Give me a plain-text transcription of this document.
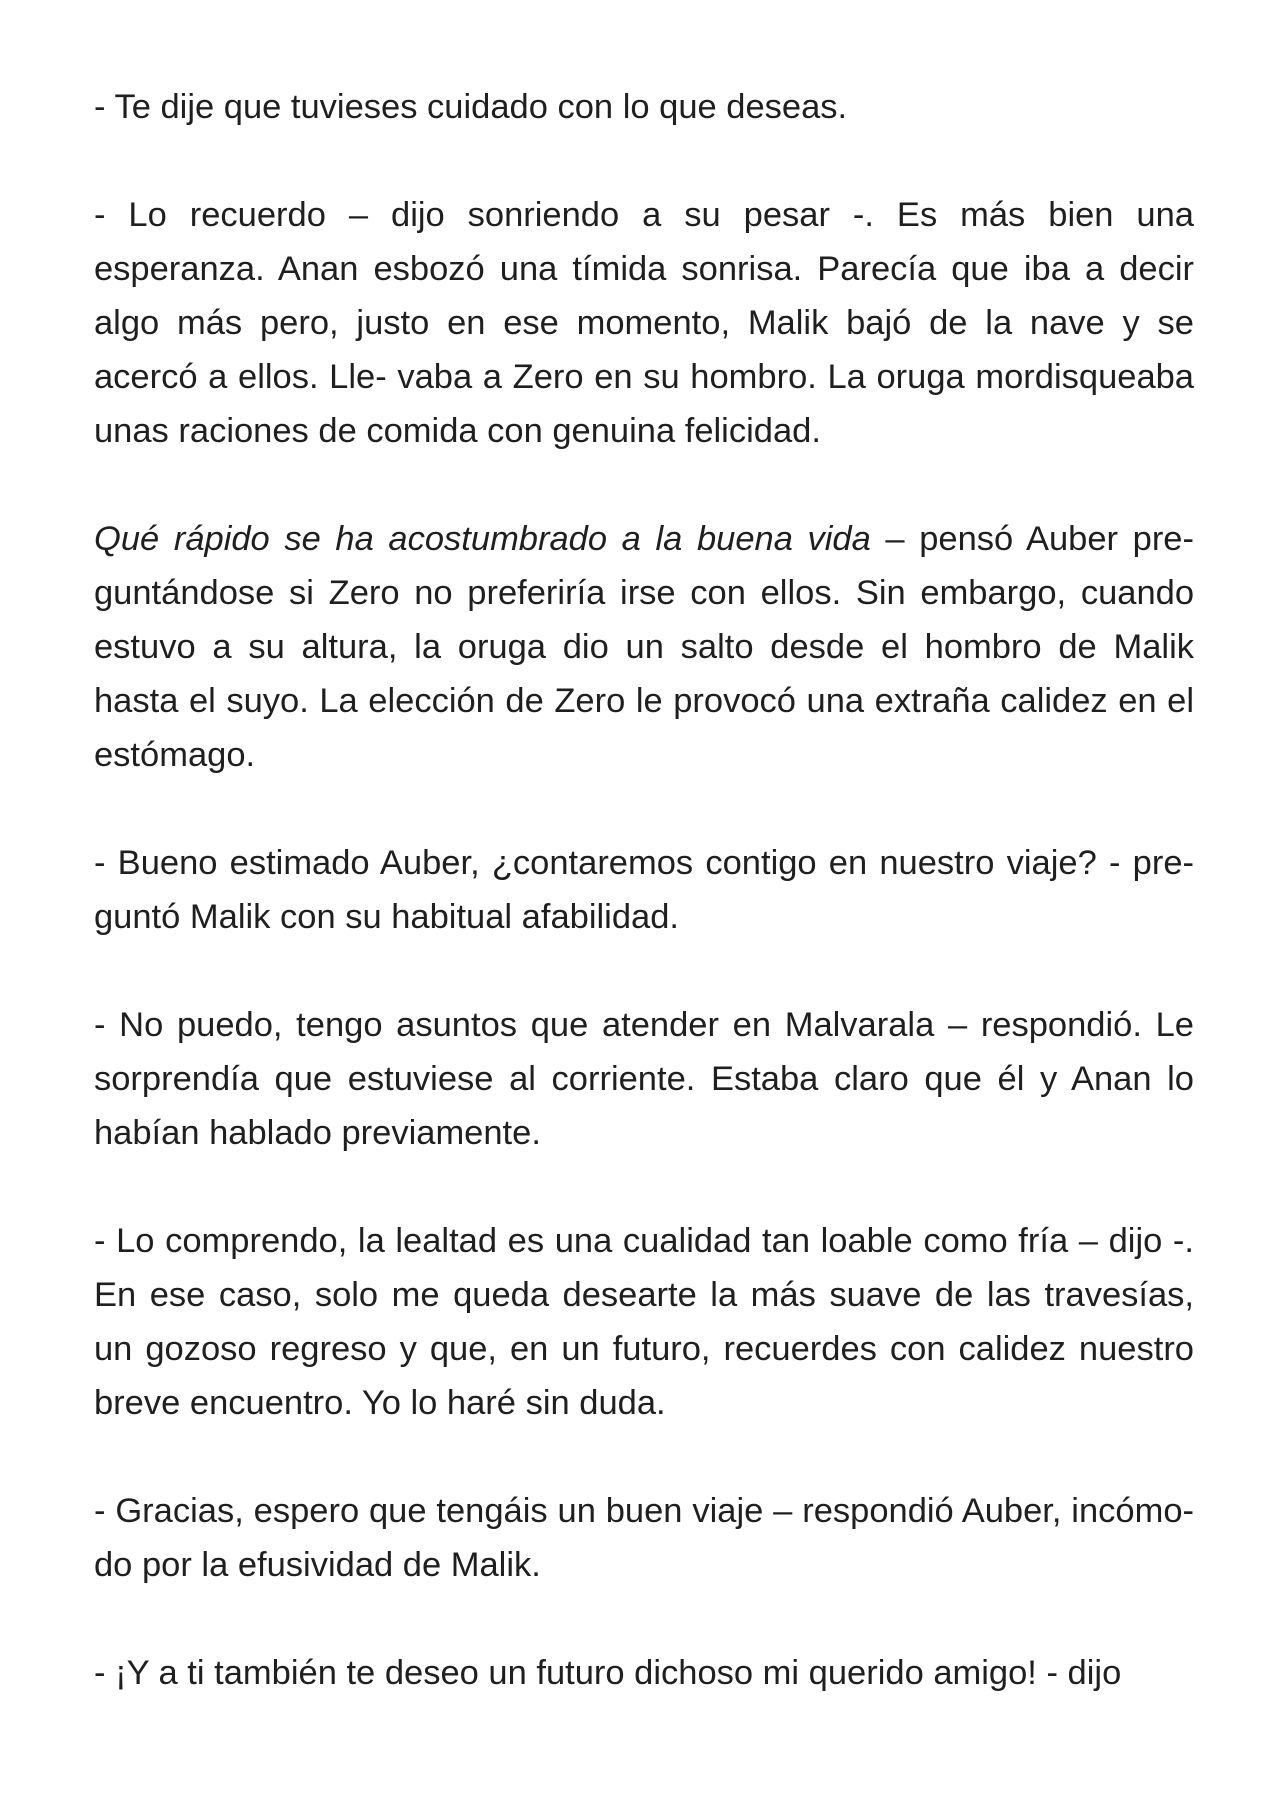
- Te dije que tuvieses cuidado con lo que deseas.

- Lo recuerdo – dijo sonriendo a su pesar -. Es más bien una esperanza. Anan esbozó una tímida sonrisa. Parecía que iba a decir algo más pero, justo en ese momento, Malik bajó de la nave y se acercó a ellos. Lle- vaba a Zero en su hombro. La oruga mordisqueaba unas raciones de comida con genuina felicidad.

Qué rápido se ha acostumbrado a la buena vida – pensó Auber pre- guntándose si Zero no preferiría irse con ellos. Sin embargo, cuando estuvo a su altura, la oruga dio un salto desde el hombro de Malik hasta el suyo. La elección de Zero le provocó una extraña calidez en el estómago.

- Bueno estimado Auber, ¿contaremos contigo en nuestro viaje? - pre- guntó Malik con su habitual afabilidad.

- No puedo, tengo asuntos que atender en Malvarala – respondió. Le sorprendía que estuviese al corriente. Estaba claro que él y Anan lo habían hablado previamente.

- Lo comprendo, la lealtad es una cualidad tan loable como fría – dijo -. En ese caso, solo me queda desearte la más suave de las travesías, un gozoso regreso y que, en un futuro, recuerdes con calidez nuestro breve encuentro. Yo lo haré sin duda.

- Gracias, espero que tengáis un buen viaje – respondió Auber, incómo- do por la efusividad de Malik.

- ¡Y a ti también te deseo un futuro dichoso mi querido amigo! - dijo
